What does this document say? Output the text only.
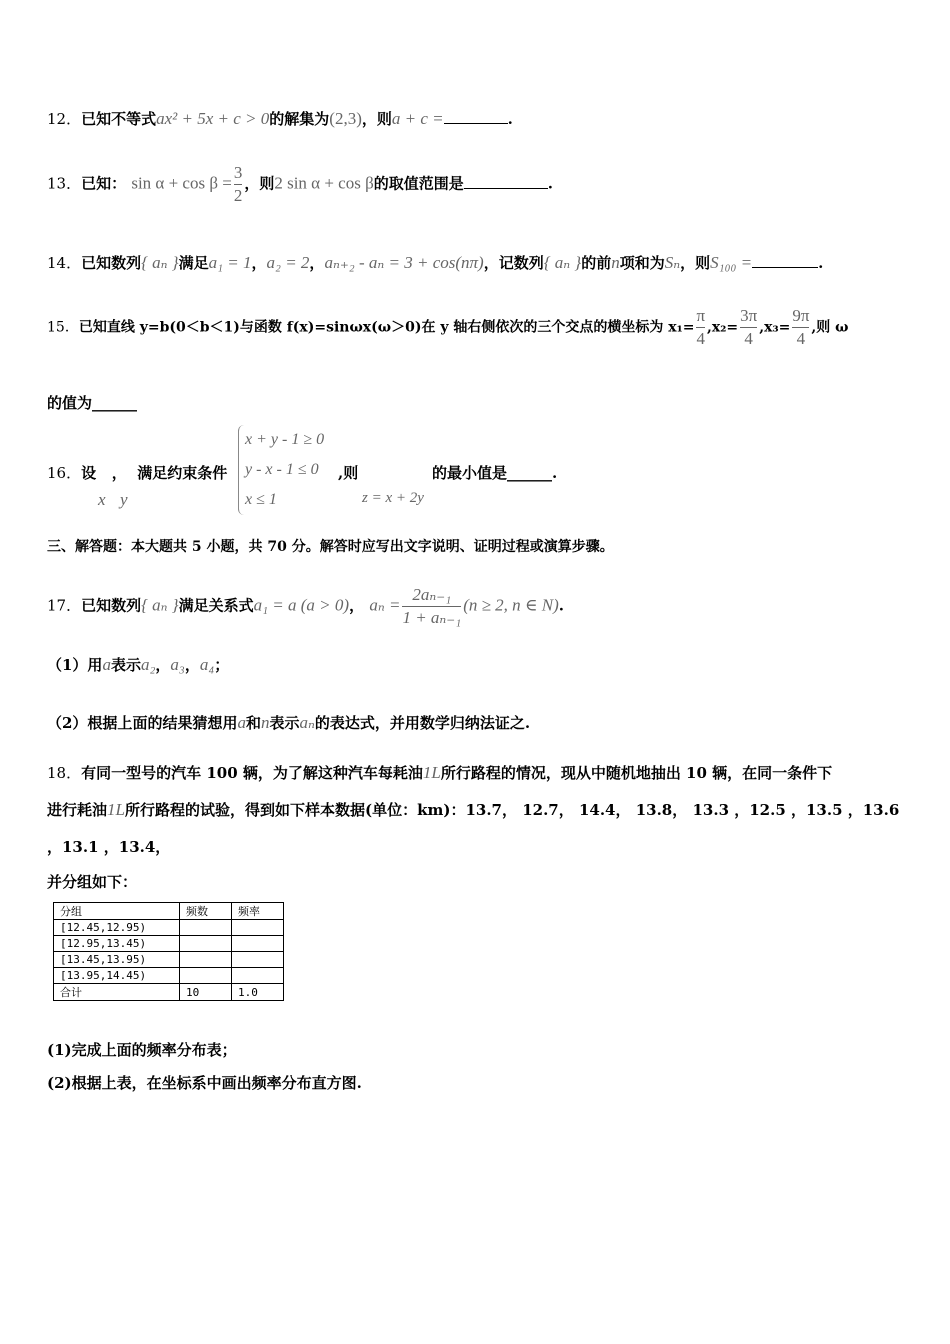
12．已知不等式ax² + 5x + c > 0的解集为(2,3)，则a + c =	.
13．已知： $\sin \alpha + \cos \beta = \frac{3}{2}$ ，则2 sin α + cos β的取值范围是	.
14．已知数列{ aₙ }满足a₁ = 1，a₂ = 2，aₙ₊₂ - aₙ = 3 + cos(nπ)，记数列{ aₙ }的前n项和为Sₙ，则S₁₀₀ =	.
15．已知直线 y=b(0＜b＜1)与函数 f(x)=sinωx(ω＞0)在 y 轴右侧依次的三个交点的横坐标为 $x_1= \frac{\pi}{4} ,x_2= \frac{3\pi}{4} ,x_3= \frac{9\pi}{4}$ ,则 ω
的值为______
16．设 ， 满足约束条件
x + y - 1 ≥ 0
y - x - 1 ≤ 0
x ≤ 1
,则	的最小值是______.
x y	z = x + 2y
三、解答题：本大题共 5 小题，共 70 分。解答时应写出文字说明、证明过程或演算步骤。
17．已知数列{ aₙ }满足关系式a₁ = a (a > 0)， $a_n = \frac{\text{2aₙ₋₁}}{\text{1 + aₙ₋₁}} (n \ge 2$, n ∈ N).
（1）用a表示a₂，a₃，a₄；
（2）根据上面的结果猜想用a和n表示aₙ的表达式，并用数学归纳法证之.
18．有同一型号的汽车 100 辆，为了解这种汽车每耗油1L所行路程的情况，现从中随机地抽出 10 辆，在同一条件下
进行耗油1L所行路程的试验，得到如下样本数据(单位：km)：13.7， 12.7， 14.4， 13.8， 13.3 ，12.5 ，13.5 ，13.6
，13.1 ，13.4，
并分组如下：
分组	频数	频率
[12.45,12.95)		
[12.95,13.45)		
[13.45,13.95)		
[13.95,14.45)		
合计	10	1.0
(1)完成上面的频率分布表；
(2)根据上表，在坐标系中画出频率分布直方图.
